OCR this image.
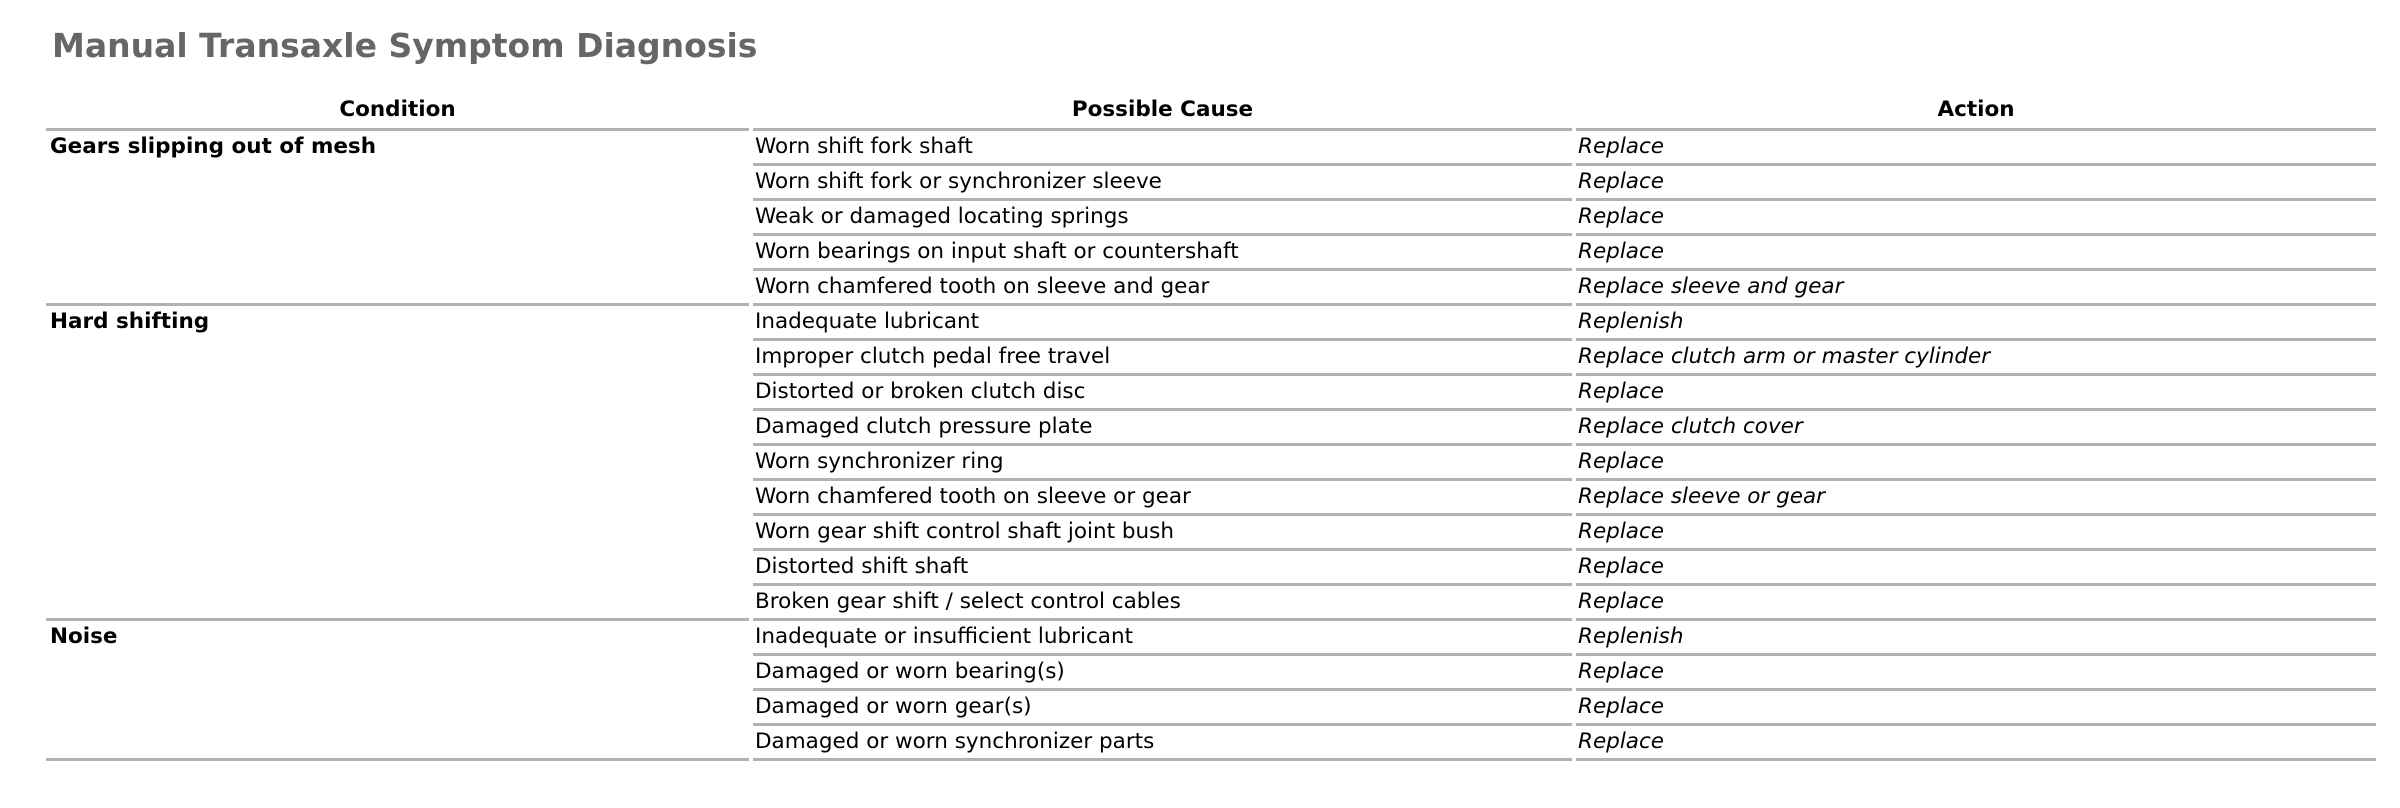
Manual Transaxle Symptom Diagnosis
Condition	Possible Cause	Action
Gears slipping out of mesh	Worn shift fork shaft	Replace
	Worn shift fork or synchronizer sleeve	Replace
	Weak or damaged locating springs	Replace
	Worn bearings on input shaft or countershaft	Replace
	Worn chamfered tooth on sleeve and gear	Replace sleeve and gear
Hard shifting	Inadequate lubricant	Replenish
	Improper clutch pedal free travel	Replace clutch arm or master cylinder
	Distorted or broken clutch disc	Replace
	Damaged clutch pressure plate	Replace clutch cover
	Worn synchronizer ring	Replace
	Worn chamfered tooth on sleeve or gear	Replace sleeve or gear
	Worn gear shift control shaft joint bush	Replace
	Distorted shift shaft	Replace
	Broken gear shift / select control cables	Replace
Noise	Inadequate or insufficient lubricant	Replenish
	Damaged or worn bearing(s)	Replace
	Damaged or worn gear(s)	Replace
	Damaged or worn synchronizer parts	Replace
